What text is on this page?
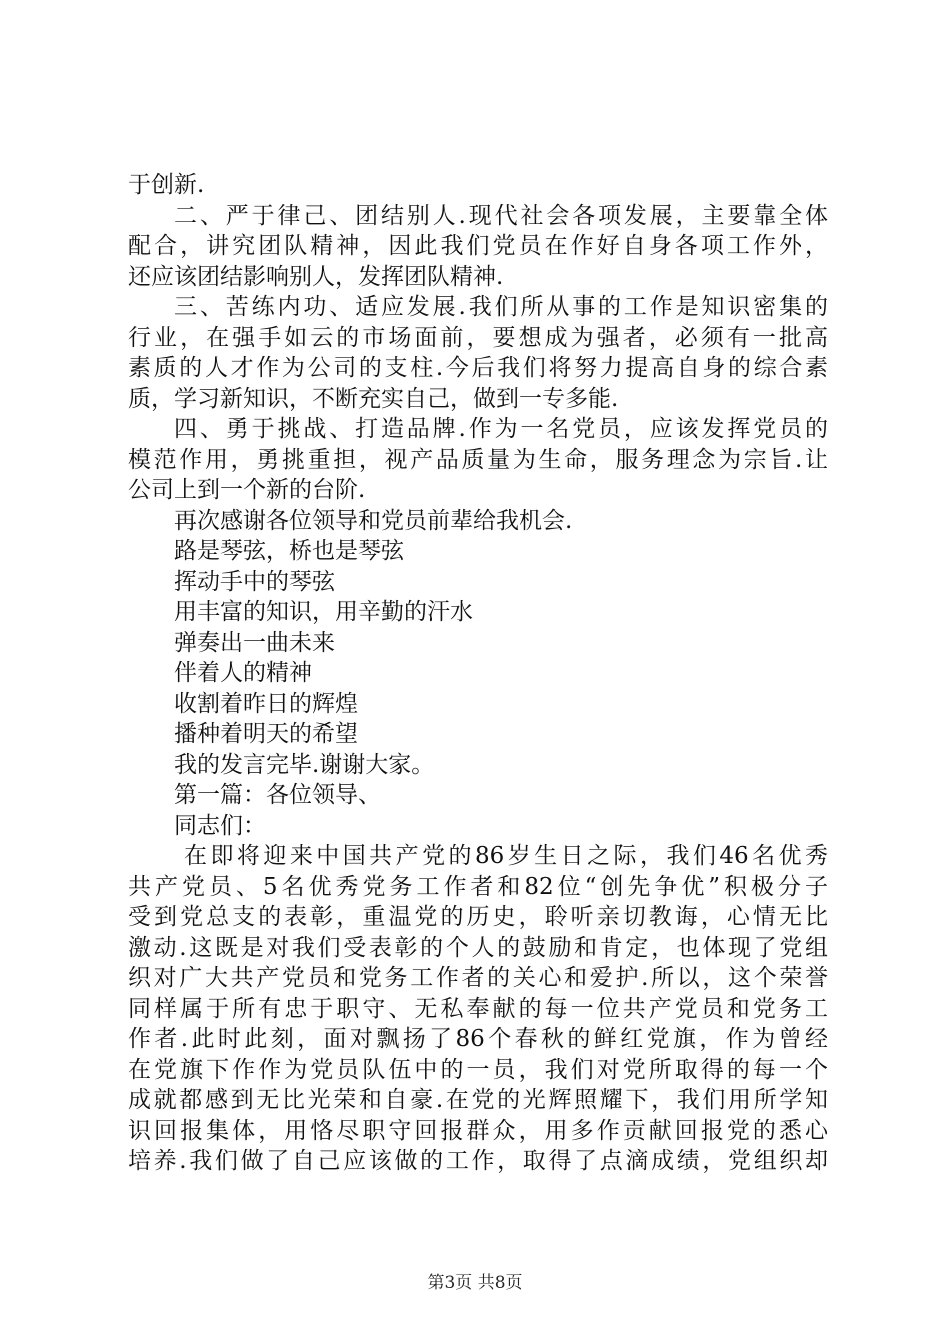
于创新.
二、严于律己、团结别人.现代社会各项发展，主要靠全体
配合，讲究团队精神，因此我们党员在作好自身各项工作外，
还应该团结影响别人，发挥团队精神.
三、苦练内功、适应发展.我们所从事的工作是知识密集的
行业，在强手如云的市场面前，要想成为强者，必须有一批高
素质的人才作为公司的支柱.今后我们将努力提高自身的综合素
质，学习新知识，不断充实自己，做到一专多能.
四、勇于挑战、打造品牌.作为一名党员，应该发挥党员的
模范作用，勇挑重担，视产品质量为生命，服务理念为宗旨.让
公司上到一个新的台阶.
再次感谢各位领导和党员前辈给我机会.
路是琴弦，桥也是琴弦
挥动手中的琴弦
用丰富的知识，用辛勤的汗水
弹奏出一曲未来
伴着人的精神
收割着昨日的辉煌
播种着明天的希望
我的发言完毕.谢谢大家。
第一篇：各位领导、
同志们：
在即将迎来中国共产党的86岁生日之际，我们46名优秀
共产党员、5名优秀党务工作者和82位“创先争优”积极分子
受到党总支的表彰，重温党的历史，聆听亲切教诲，心情无比
激动.这既是对我们受表彰的个人的鼓励和肯定，也体现了党组
织对广大共产党员和党务工作者的关心和爱护.所以，这个荣誉
同样属于所有忠于职守、无私奉献的每一位共产党员和党务工
作者.此时此刻，面对飘扬了86个春秋的鲜红党旗，作为曾经
在党旗下作作为党员队伍中的一员，我们对党所取得的每一个
成就都感到无比光荣和自豪.在党的光辉照耀下，我们用所学知
识回报集体，用恪尽职守回报群众，用多作贡献回报党的悉心
培养.我们做了自己应该做的工作，取得了点滴成绩，党组织却
第3页 共8页
